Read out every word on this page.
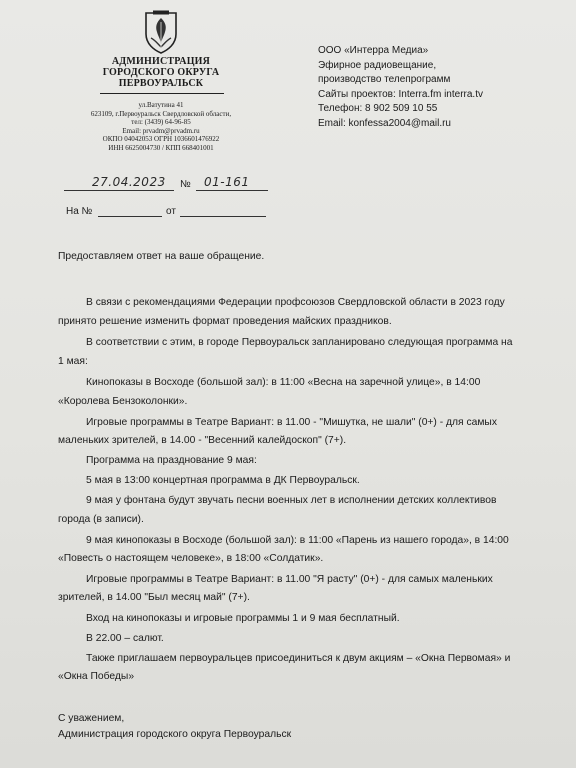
АДМИНИСТРАЦИЯ
ГОРОДСКОГО ОКРУГА
ПЕРВОУРАЛЬСК
ул.Ватутина 41
623109, г.Первоуральск Свердловской области,
тел: (3439) 64-96-85
Email: prvadm@prvadm.ru
ОКПО 04042053 ОГРН 1036601476922
ИНН 6625004730 / КПП 668401001
ООО «Интерра Медиа»
Эфирное радиовещание,
производство телепрограмм
Сайты проектов: Interra.fm interra.tv
Телефон: 8 902 509 10 55
Email: konfessa2004@mail.ru
27.04.2023 № 01-161
На №	от
Предоставляем ответ на ваше обращение.
В связи с рекомендациями Федерации профсоюзов Свердловской области в 2023 году
принято решение изменить формат проведения майских праздников.
В соответствии с этим, в городе Первоуральск запланировано следующая программа на
1 мая:
Кинопоказы в Восходе (большой зал): в 11:00 «Весна на заречной улице», в 14:00
«Королева Бензоколонки».
Игровые программы в Театре Вариант: в 11.00 - "Мишутка, не шали" (0+) - для самых
маленьких зрителей, в 14.00 - "Весенний калейдоскоп" (7+).
Программа на празднование 9 мая:
5 мая в 13:00 концертная программа в ДК Первоуральск.
9 мая у фонтана будут звучать песни военных лет в исполнении детских коллективов
города (в записи).
9 мая кинопоказы в Восходе (большой зал): в 11:00 «Парень из нашего города», в 14:00
«Повесть о настоящем человеке», в 18:00 «Солдатик».
Игровые программы в Театре Вариант: в 11.00 "Я расту" (0+) - для самых маленьких
зрителей, в 14.00 "Был месяц май" (7+).
Вход на кинопоказы и игровые программы 1 и 9 мая бесплатный.
В 22.00 – салют.
Также приглашаем первоуральцев присоединиться к двум акциям – «Окна Первомая» и
«Окна Победы»
С уважением,
Администрация городского округа Первоуральск
